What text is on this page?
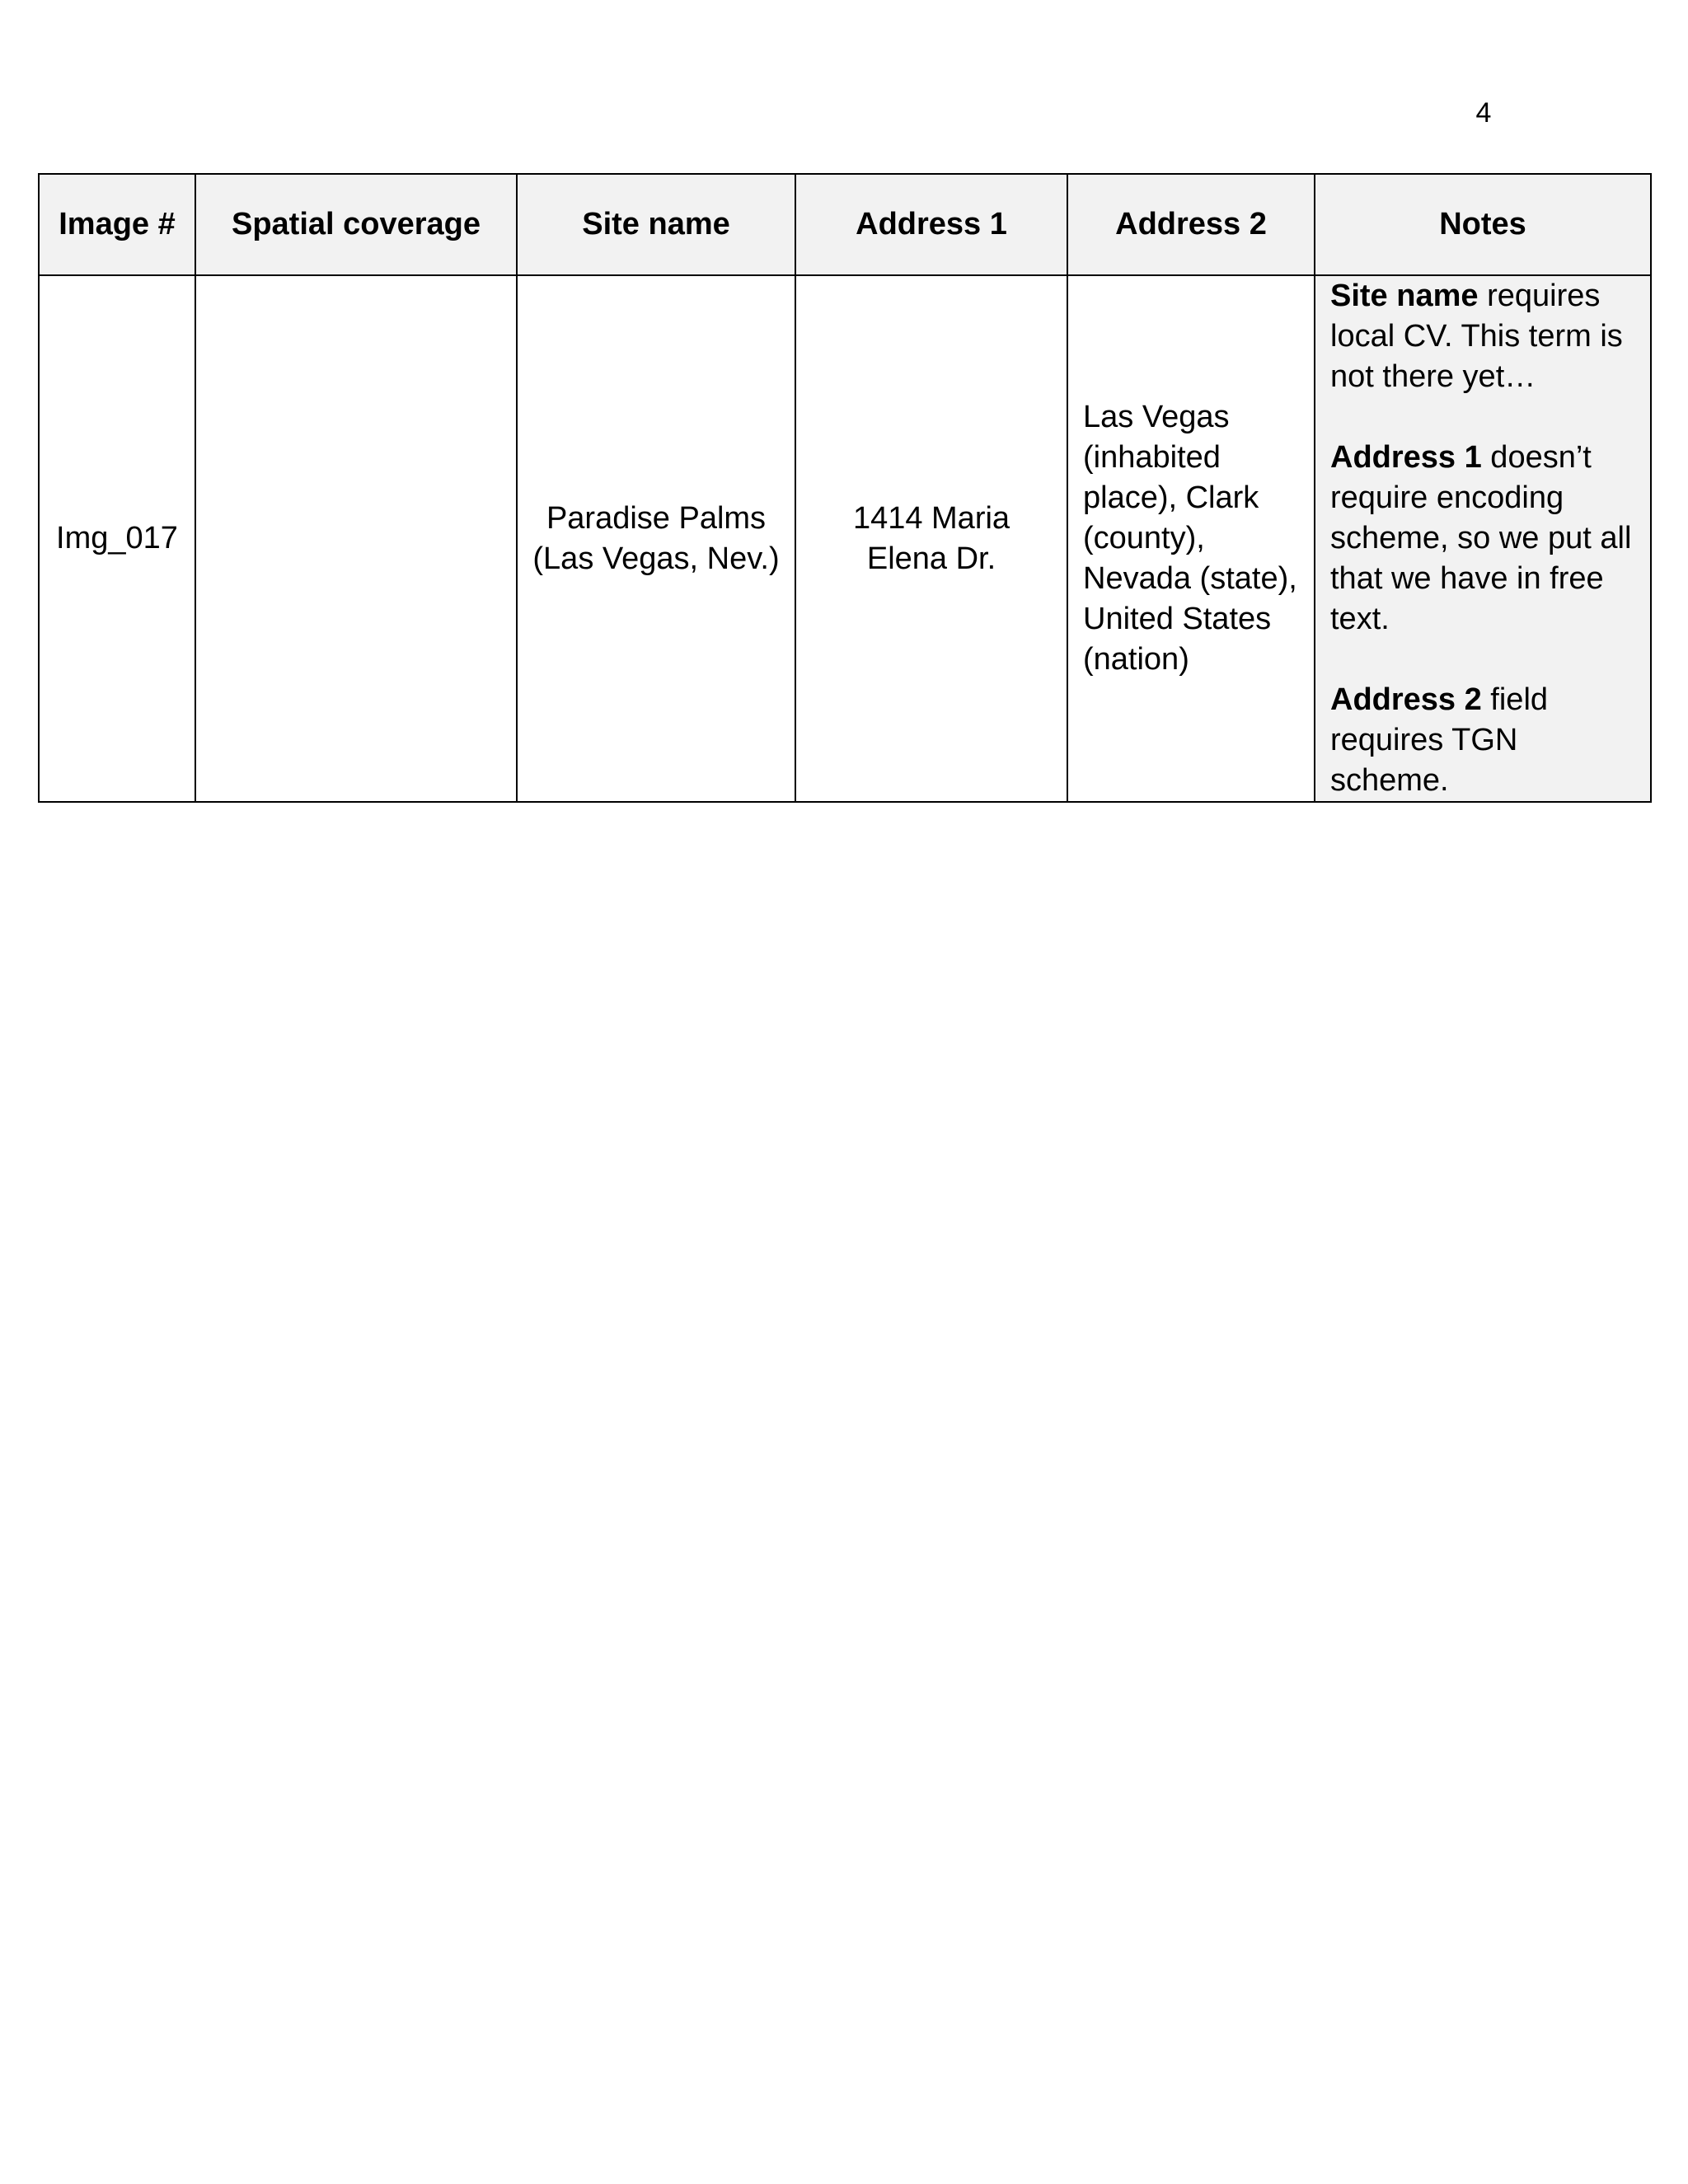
4
Image #	Spatial coverage	Site name	Address 1	Address 2	Notes
Img_017		Paradise Palms (Las Vegas, Nev.)	1414 Maria Elena Dr.	Las Vegas (inhabited place), Clark (county), Nevada (state), United States (nation)	Site name requires local CV. This term is not there yet…

Address 1 doesn’t require encoding scheme, so we put all that we have in free text.

Address 2 field requires TGN scheme.
